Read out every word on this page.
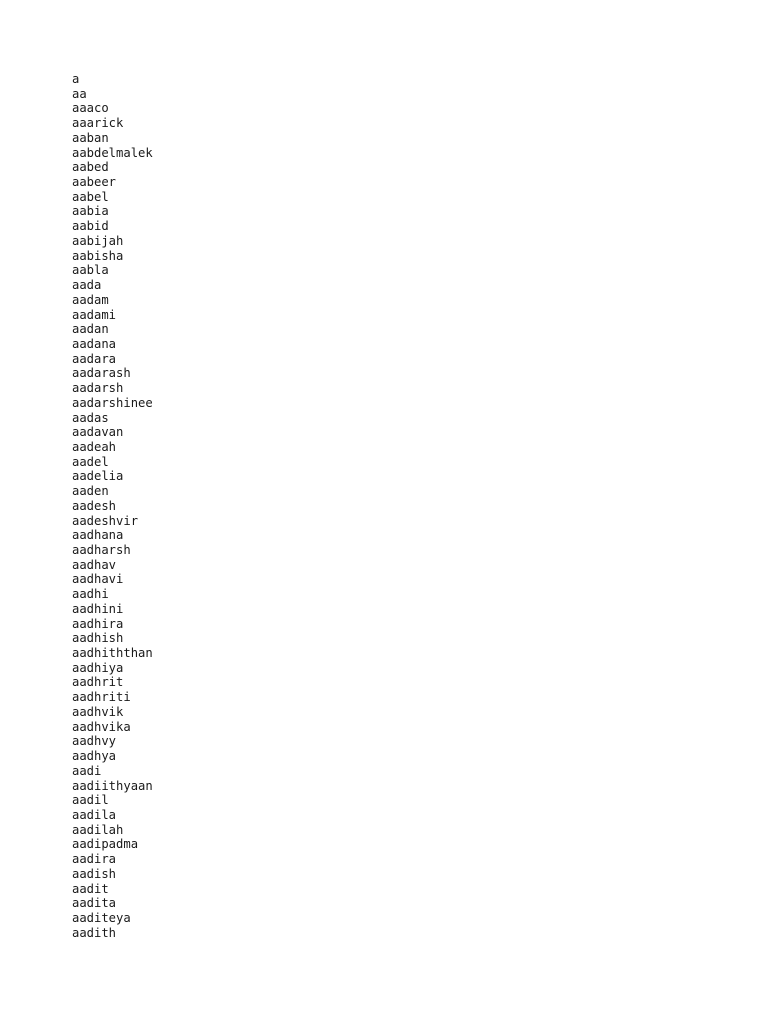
a
aa
aaaco
aaarick
aaban
aabdelmalek
aabed
aabeer
aabel
aabia
aabid
aabijah
aabisha
aabla
aada
aadam
aadami
aadan
aadana
aadara
aadarash
aadarsh
aadarshinee
aadas
aadavan
aadeah
aadel
aadelia
aaden
aadesh
aadeshvir
aadhana
aadharsh
aadhav
aadhavi
aadhi
aadhini
aadhira
aadhish
aadhiththan
aadhiya
aadhrit
aadhriti
aadhvik
aadhvika
aadhvy
aadhya
aadi
aadiithyaan
aadil
aadila
aadilah
aadipadma
aadira
aadish
aadit
aadita
aaditeya
aadith
